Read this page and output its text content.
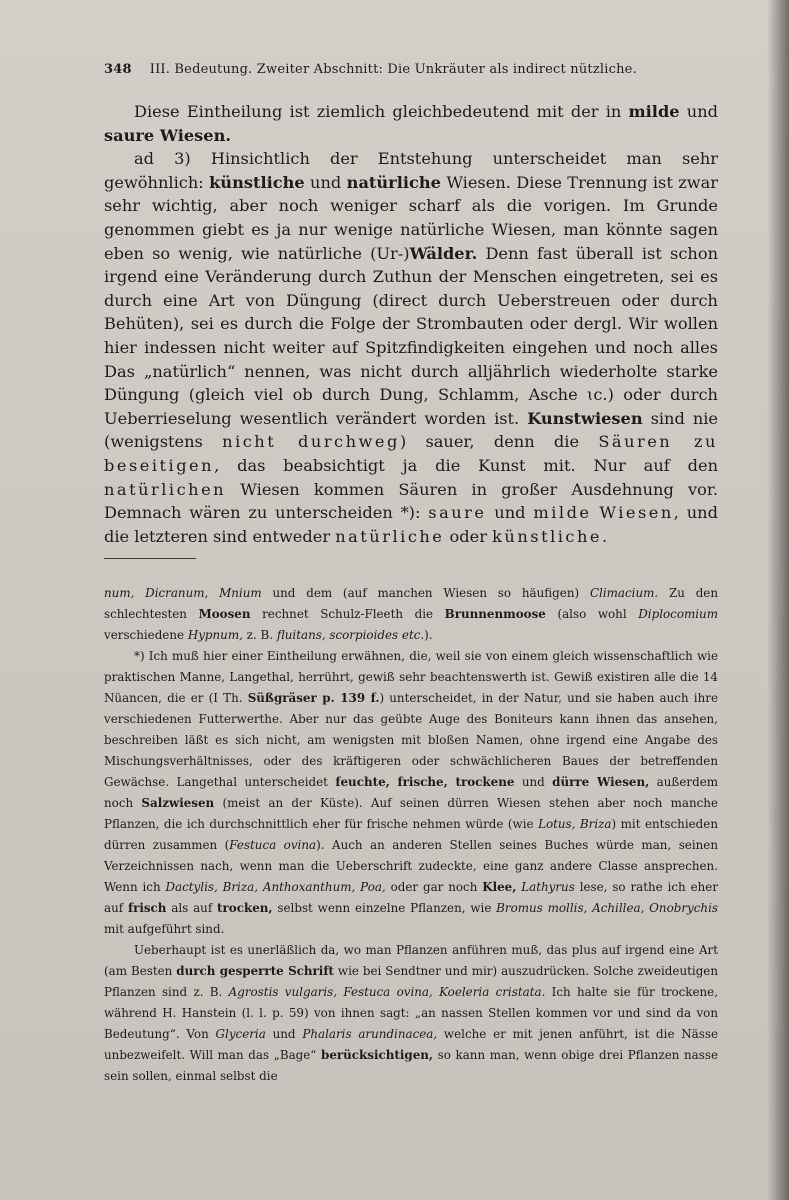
348 III. Bedeutung. Zweiter Abschnitt: Die Unkräuter als indirect nützliche.

Diese Eintheilung ist ziemlich gleichbedeutend mit der in milde und saure Wiesen.

ad 3) Hinsichtlich der Entstehung unterscheidet man sehr gewöhnlich: künstliche und natürliche Wiesen. Diese Trennung ist zwar sehr wichtig, aber noch weniger scharf als die vorigen. Im Grunde genommen giebt es ja nur wenige natürliche Wiesen, man könnte sagen eben so wenig, wie natürliche (Ur-)Wälder. Denn fast überall ist schon irgend eine Veränderung durch Zuthun der Menschen eingetreten, sei es durch eine Art von Düngung (direct durch Ueberstreuen oder durch Behüten), sei es durch die Folge der Strombauten oder dergl. Wir wollen hier indessen nicht weiter auf Spitzfindigkeiten eingehen und noch alles Das „natürlich“ nennen, was nicht durch alljährlich wiederholte starke Düngung (gleich viel ob durch Dung, Schlamm, Asche ɩc.) oder durch Ueberrieselung wesentlich verändert worden ist. Kunstwiesen sind nie (wenigstens nicht durchweg) sauer, denn die Säuren zu beseitigen, das beabsichtigt ja die Kunst mit. Nur auf den natürlichen Wiesen kommen Säuren in großer Ausdehnung vor. Demnach wären zu unterscheiden *): saure und milde Wiesen, und die letzteren sind entweder natürliche oder künstliche.

num, Dicranum, Mnium und dem (auf manchen Wiesen so häufigen) Climacium. Zu den schlechtesten Moosen rechnet Schulz-Fleeth die Brunnenmoose (also wohl Diplocomium verschiedene Hypnum, z. B. fluitans, scorpioides etc.).

*) Ich muß hier einer Eintheilung erwähnen, die, weil sie von einem gleich wissenschaftlich wie praktischen Manne, Langethal, herrührt, gewiß sehr beachtenswerth ist. Gewiß existiren alle die 14 Nüancen, die er (I Th. Süßgräser p. 139 f.) unterscheidet, in der Natur, und sie haben auch ihre verschiedenen Futterwerthe. Aber nur das geübte Auge des Boniteurs kann ihnen das ansehen, beschreiben läßt es sich nicht, am wenigsten mit bloßen Namen, ohne irgend eine Angabe des Mischungsverhältnisses, oder des kräftigeren oder schwächlicheren Baues der betreffenden Gewächse. Langethal unterscheidet feuchte, frische, trockene und dürre Wiesen, außerdem noch Salzwiesen (meist an der Küste). Auf seinen dürren Wiesen stehen aber noch manche Pflanzen, die ich durchschnittlich eher für frische nehmen würde (wie Lotus, Briza) mit entschieden dürren zusammen (Festuca ovina). Auch an anderen Stellen seines Buches würde man, seinen Verzeichnissen nach, wenn man die Ueberschrift zudeckte, eine ganz andere Classe ansprechen. Wenn ich Dactylis, Briza, Anthoxanthum, Poa, oder gar noch Klee, Lathyrus lese, so rathe ich eher auf frisch als auf trocken, selbst wenn einzelne Pflanzen, wie Bromus mollis, Achillea, Onobrychis mit aufgeführt sind.

Ueberhaupt ist es unerläßlich da, wo man Pflanzen anführen muß, das plus auf irgend eine Art (am Besten durch gesperrte Schrift wie bei Sendtner und mir) auszudrücken. Solche zweideutigen Pflanzen sind z. B. Agrostis vulgaris, Festuca ovina, Koeleria cristata. Ich halte sie für trockene, während H. Hanstein (l. l. p. 59) von ihnen sagt: „an nassen Stellen kommen vor und sind da von Bedeutung“. Von Glyceria und Phalaris arundinacea, welche er mit jenen anführt, ist die Nässe unbezweifelt. Will man das „Bage“ berücksichtigen, so kann man, wenn obige drei Pflanzen nasse sein sollen, einmal selbst die
